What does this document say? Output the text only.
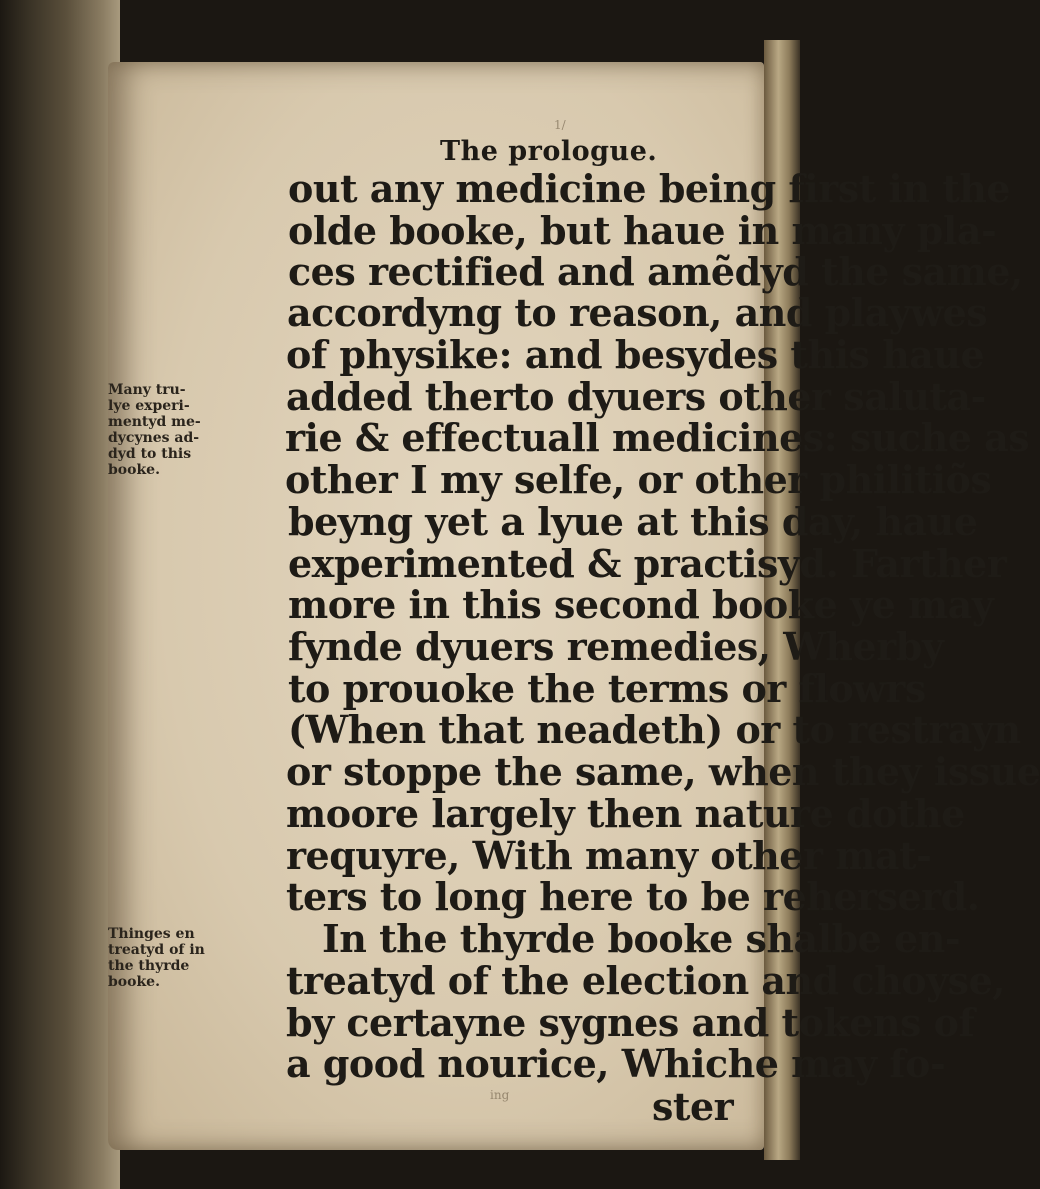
The prologue.
out any medicine being first in the
olde booke, but haue in many pla-
ces rectified and amẽdyd the same,
accordyng to reason, and playwes
of physike: and besydes this haue
added therto dyuers other saluta-
rie & effectuall medicines: suche as
other I my selfe, or other philitiõs
beyng yet a lyue at this day, haue
experimented & practisyd. Farther
more in this second booke ye may
fynde dyuers remedies, Wherby
to prouoke the terms or flowrs
(When that neadeth) or to restrayn
or stoppe the same, when they issue
moore largely then nature dothe
requyre, With many other mat-
ters to long here to be reherserd.
In the thyrde booke shalbe en-
treatyd of the election and choyse,
by certayne sygnes and tokens of
a good nourice, Whiche may fo-
ster
Many tru-
lye experi-
mentyd me-
dycynes ad-
dyd to this
booke.
Thinges en
treatyd of in
the thyrde
booke.
1/
ing
